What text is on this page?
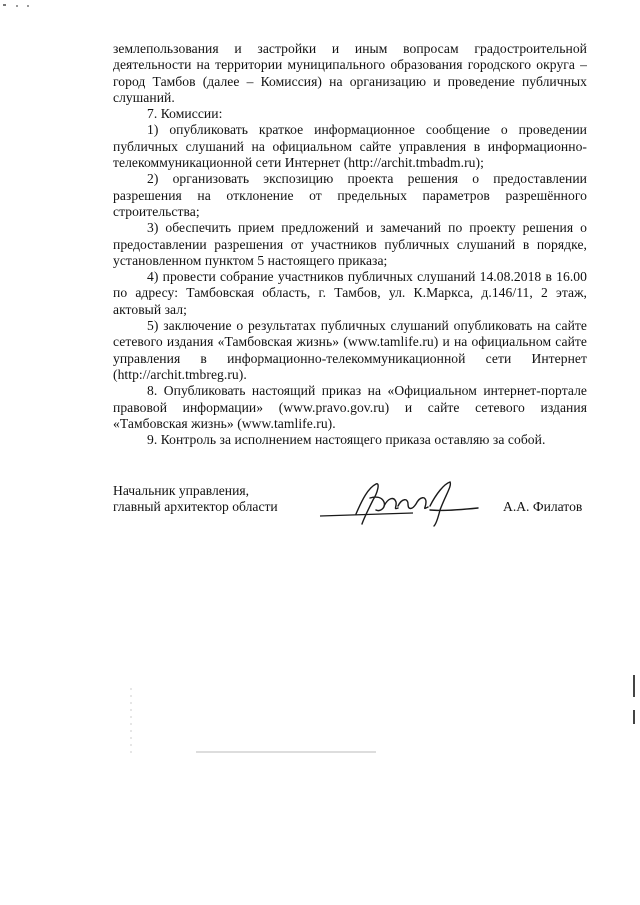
землепользования и застройки и иным вопросам градостроительной деятельности на территории муниципального образования городского округа – город Тамбов (далее – Комиссия) на организацию и проведение публичных слушаний.

7. Комиссии:

1) опубликовать краткое информационное сообщение о проведении публичных слушаний на официальном сайте управления в информационно-телекоммуникационной сети Интернет (http://archit.tmbadm.ru);

2) организовать экспозицию проекта решения о предоставлении разрешения на отклонение от предельных параметров разрешённого строительства;

3) обеспечить прием предложений и замечаний по проекту решения о предоставлении разрешения от участников публичных слушаний в порядке, установленном пунктом 5 настоящего приказа;

4) провести собрание участников публичных слушаний 14.08.2018 в 16.00 по адресу: Тамбовская область, г. Тамбов, ул. К.Маркса, д.146/11, 2 этаж, актовый зал;

5) заключение о результатах публичных слушаний опубликовать на сайте сетевого издания «Тамбовская жизнь» (www.tamlife.ru) и на официальном сайте управления в информационно-телекоммуникационной сети Интернет (http://archit.tmbreg.ru).

8. Опубликовать настоящий приказ на «Официальном интернет-портале правовой информации» (www.pravo.gov.ru) и сайте сетевого издания «Тамбовская жизнь» (www.tamlife.ru).

9. Контроль за исполнением настоящего приказа оставляю за собой.

Начальник управления,
главный архитектор области	А.А. Филатов
